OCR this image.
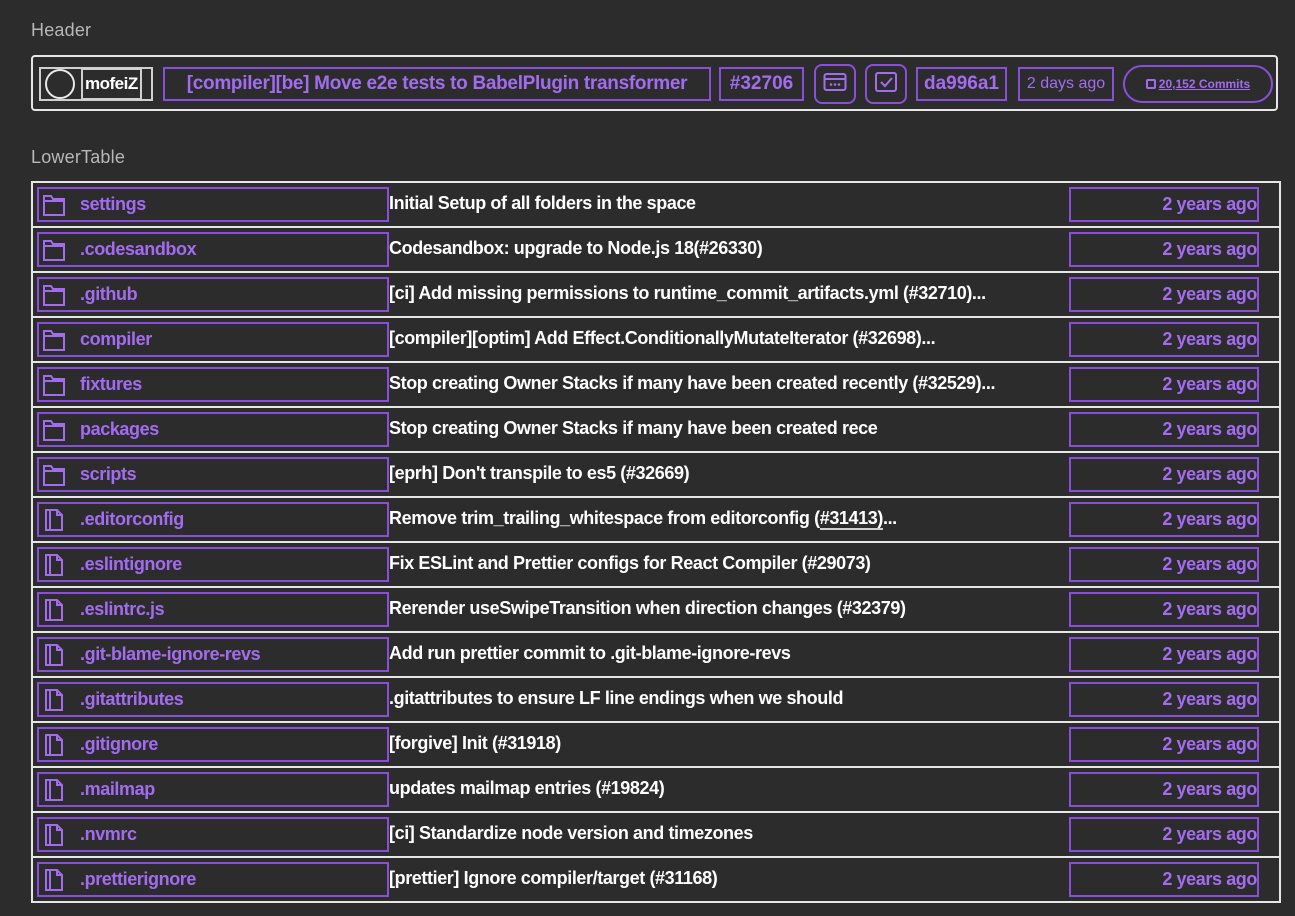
Header
mofeiZ	[compiler][be] Move e2e tests to BabelPlugin transformer	#32706	da996a1	2 days ago	20,152 Commits
LowerTable
settings	Initial Setup of all folders in the space	2 years ago
.codesandbox	Codesandbox: upgrade to Node.js 18(#26330)	2 years ago
.github	[ci] Add missing permissions to runtime_commit_artifacts.yml (#32710)...	2 years ago
compiler	[compiler][optim] Add Effect.ConditionallyMutateIterator (#32698)...	2 years ago
fixtures	Stop creating Owner Stacks if many have been created recently (#32529)...	2 years ago
packages	Stop creating Owner Stacks if many have been created rece	2 years ago
scripts	[eprh] Don't transpile to es5 (#32669)	2 years ago
.editorconfig	Remove trim_trailing_whitespace from editorconfig (#31413)...	2 years ago
.eslintignore	Fix ESLint and Prettier configs for React Compiler (#29073)	2 years ago
.eslintrc.js	Rerender useSwipeTransition when direction changes (#32379)	2 years ago
.git-blame-ignore-revs	Add run prettier commit to .git-blame-ignore-revs	2 years ago
.gitattributes	.gitattributes to ensure LF line endings when we should	2 years ago
.gitignore	[forgive] Init (#31918)	2 years ago
.mailmap	updates mailmap entries (#19824)	2 years ago
.nvmrc	[ci] Standardize node version and timezones	2 years ago
.prettierignore	[prettier] Ignore compiler/target (#31168)	2 years ago
